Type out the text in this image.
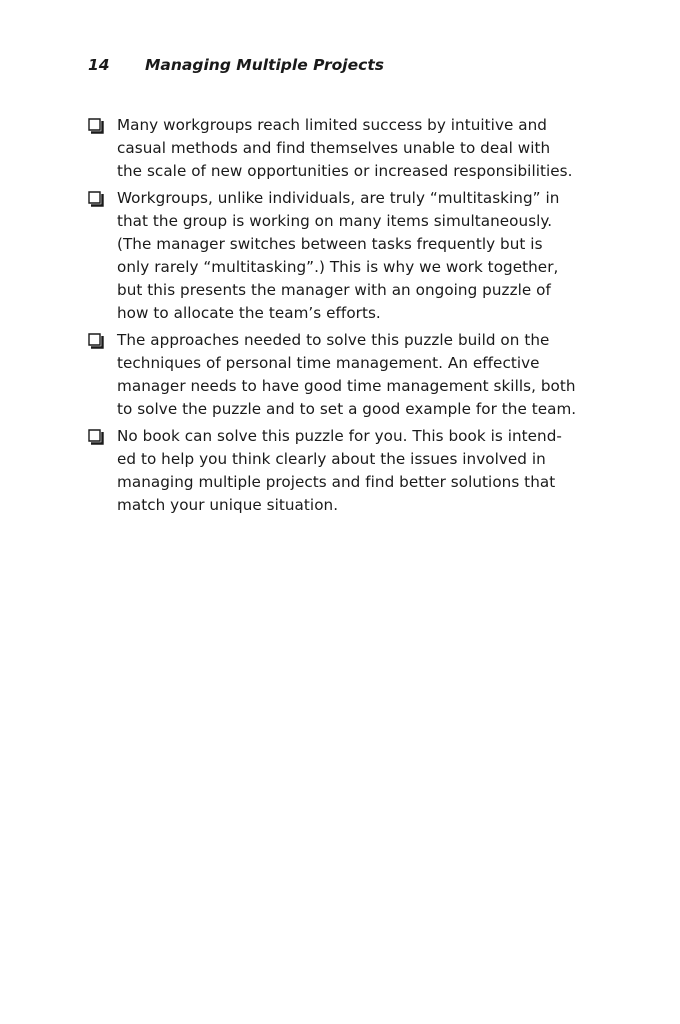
14 Managing Multiple Projects
Many workgroups reach limited success by intuitive and
casual methods and find themselves unable to deal with
the scale of new opportunities or increased responsibilities.
Workgroups, unlike individuals, are truly “multitasking” in
that the group is working on many items simultaneously.
(The manager switches between tasks frequently but is
only rarely “multitasking”.) This is why we work together,
but this presents the manager with an ongoing puzzle of
how to allocate the team’s efforts.
The approaches needed to solve this puzzle build on the
techniques of personal time management. An effective
manager needs to have good time management skills, both
to solve the puzzle and to set a good example for the team.
No book can solve this puzzle for you. This book is intend-
ed to help you think clearly about the issues involved in
managing multiple projects and find better solutions that
match your unique situation.
